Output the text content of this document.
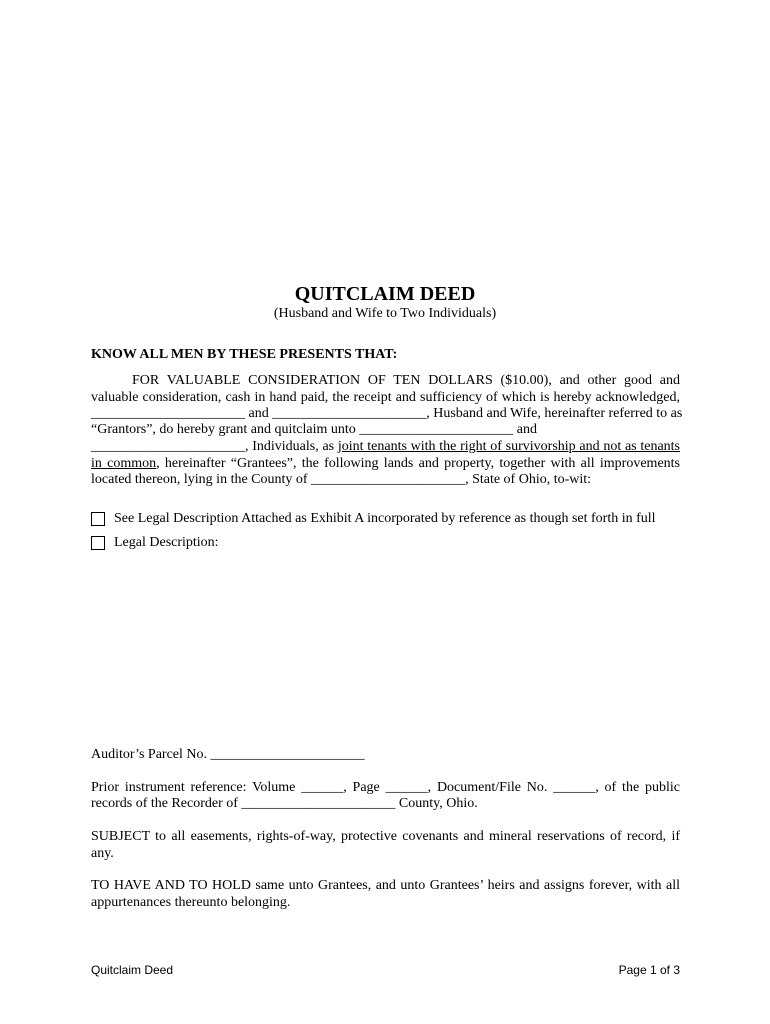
QUITCLAIM DEED
(Husband and Wife to Two Individuals)
KNOW ALL MEN BY THESE PRESENTS THAT:
FOR VALUABLE CONSIDERATION OF TEN DOLLARS ($10.00), and other good and
valuable consideration, cash in hand paid, the receipt and sufficiency of which is hereby acknowledged,
______________________ and ______________________, Husband and Wife, hereinafter referred to as
“Grantors”, do hereby grant and quitclaim unto ______________________ and
______________________, Individuals, as joint tenants with the right of survivorship and not as tenants
in common, hereinafter “Grantees”, the following lands and property, together with all improvements
located thereon, lying in the County of ______________________, State of Ohio, to-wit:
See Legal Description Attached as Exhibit A incorporated by reference as though set forth in full
Legal Description:
Auditor’s Parcel No. ______________________
Prior instrument reference: Volume ______, Page ______, Document/File No. ______, of the public
records of the Recorder of ______________________ County, Ohio.
SUBJECT to all easements, rights-of-way, protective covenants and mineral reservations of record, if
any.
TO HAVE AND TO HOLD same unto Grantees, and unto Grantees’ heirs and assigns forever, with all
appurtenances thereunto belonging.
Quitclaim Deed	Page 1 of 3
